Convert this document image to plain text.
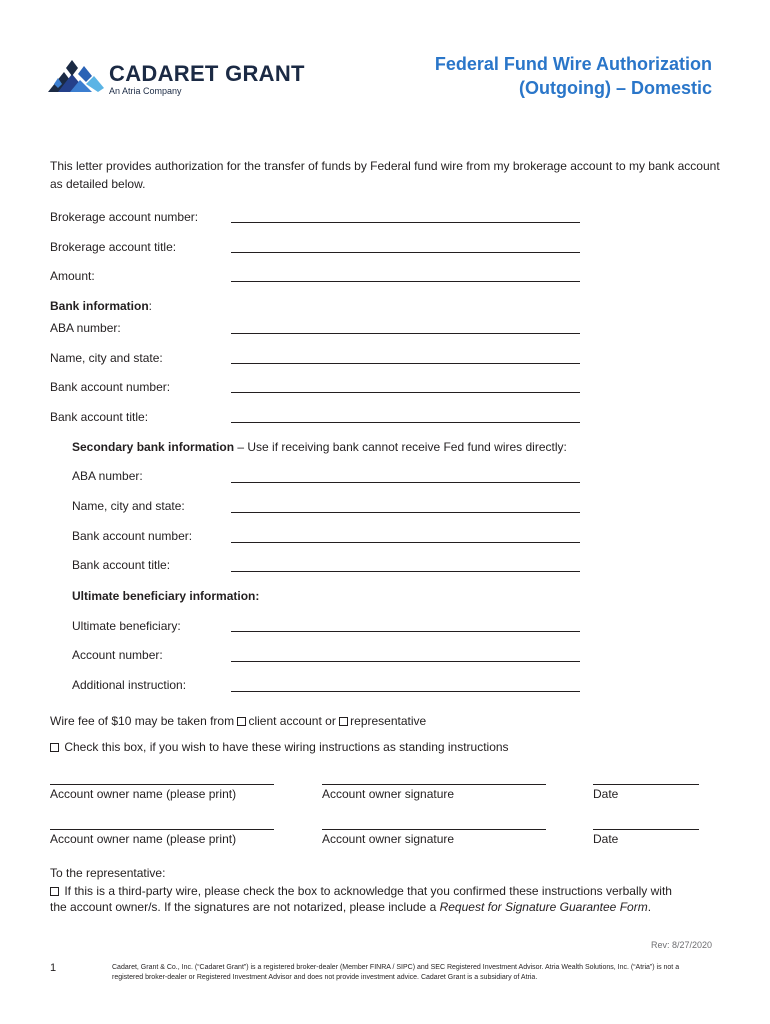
CADARET GRANT
An Atria Company
Federal Fund Wire Authorization
(Outgoing) – Domestic
This letter provides authorization for the transfer of funds by Federal fund wire from my brokerage account to my bank account as detailed below.
Brokerage account number:
Brokerage account title:
Amount:
Bank information:
ABA number:
Name, city and state:
Bank account number:
Bank account title:
Secondary bank information – Use if receiving bank cannot receive Fed fund wires directly:
ABA number:
Name, city and state:
Bank account number:
Bank account title:
Ultimate beneficiary information:
Ultimate beneficiary:
Account number:
Additional instruction:
Wire fee of $10 may be taken from client account or representative
Check this box, if you wish to have these wiring instructions as standing instructions
Account owner name (please print)	Account owner signature	Date
Account owner name (please print)	Account owner signature	Date
To the representative:
If this is a third-party wire, please check the box to acknowledge that you confirmed these instructions verbally with
the account owner/s. If the signatures are not notarized, please include a Request for Signature Guarantee Form.
Rev: 8/27/2020
1	Cadaret, Grant & Co., Inc. (“Cadaret Grant”) is a registered broker-dealer (Member FINRA / SIPC) and SEC Registered Investment Advisor. Atria Wealth Solutions, Inc. (“Atria”) is not a
registered broker-dealer or Registered Investment Advisor and does not provide investment advice. Cadaret Grant is a subsidiary of Atria.
